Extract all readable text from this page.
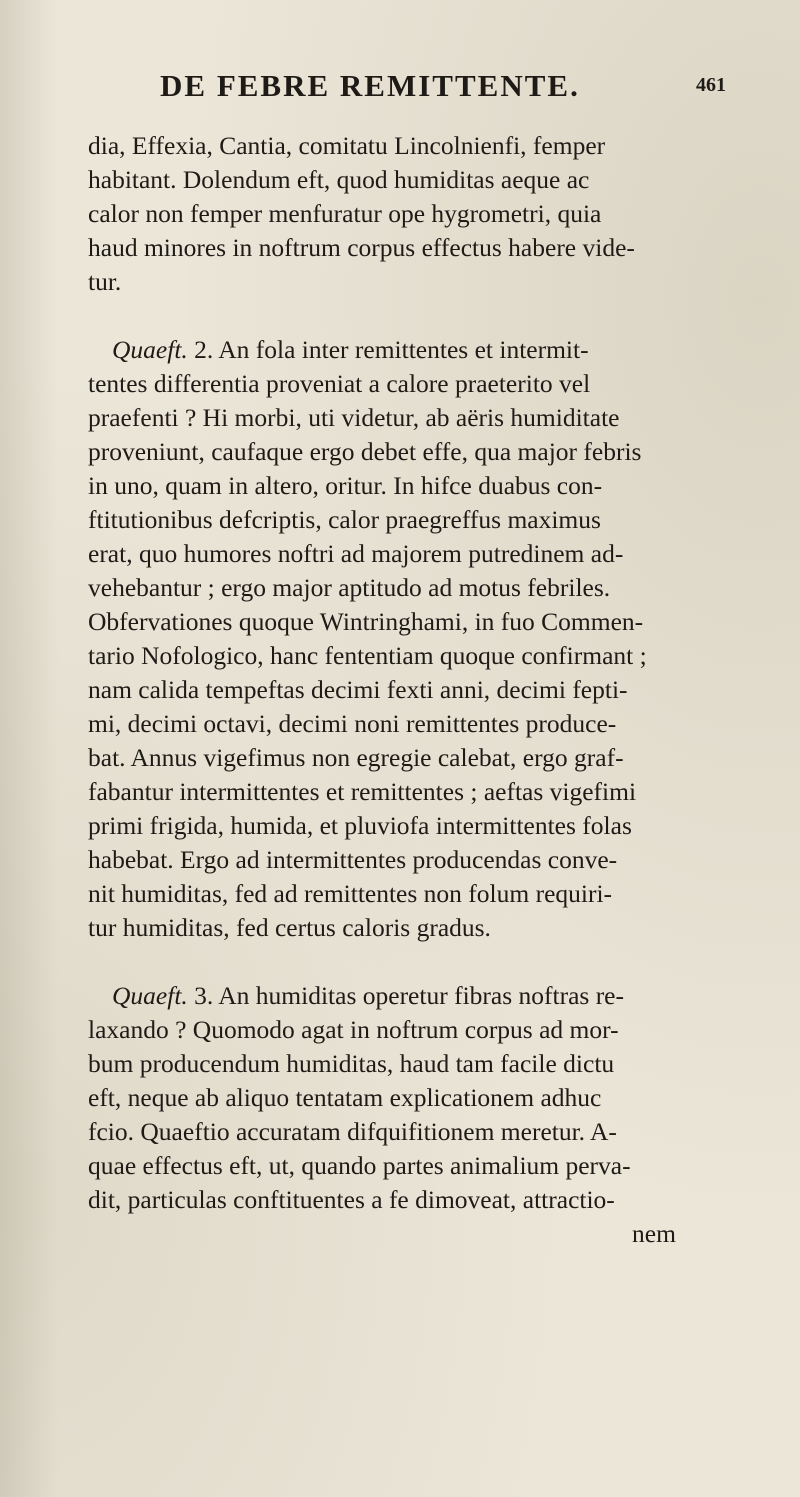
DE FEBRE REMITTENTE.	461
dia, Effexia, Cantia, comitatu Lincolnienfi, femper
habitant. Dolendum eft, quod humiditas aeque ac
calor non femper menfuratur ope hygrometri, quia
haud minores in noftrum corpus effectus habere vide-
tur.
Quaeft. 2. An fola inter remittentes et intermit-
tentes differentia proveniat a calore praeterito vel
praefenti ? Hi morbi, uti videtur, ab aëris humiditate
proveniunt, caufaque ergo debet effe, qua major febris
in uno, quam in altero, oritur. In hifce duabus con-
ftitutionibus defcriptis, calor praegreffus maximus
erat, quo humores noftri ad majorem putredinem ad-
vehebantur ; ergo major aptitudo ad motus febriles.
Obfervationes quoque Wintringhami, in fuo Commen-
tario Nofologico, hanc fententiam quoque confirmant ;
nam calida tempeftas decimi fexti anni, decimi fepti-
mi, decimi octavi, decimi noni remittentes produce-
bat. Annus vigefimus non egregie calebat, ergo graf-
fabantur intermittentes et remittentes ; aeftas vigefimi
primi frigida, humida, et pluviofa intermittentes folas
habebat. Ergo ad intermittentes producendas conve-
nit humiditas, fed ad remittentes non folum requiri-
tur humiditas, fed certus caloris gradus.
Quaeft. 3. An humiditas operetur fibras noftras re-
laxando ? Quomodo agat in noftrum corpus ad mor-
bum producendum humiditas, haud tam facile dictu
eft, neque ab aliquo tentatam explicationem adhuc
fcio. Quaeftio accuratam difquifitionem meretur. A-
quae effectus eft, ut, quando partes animalium perva-
dit, particulas conftituentes a fe dimoveat, attractio-
nem
